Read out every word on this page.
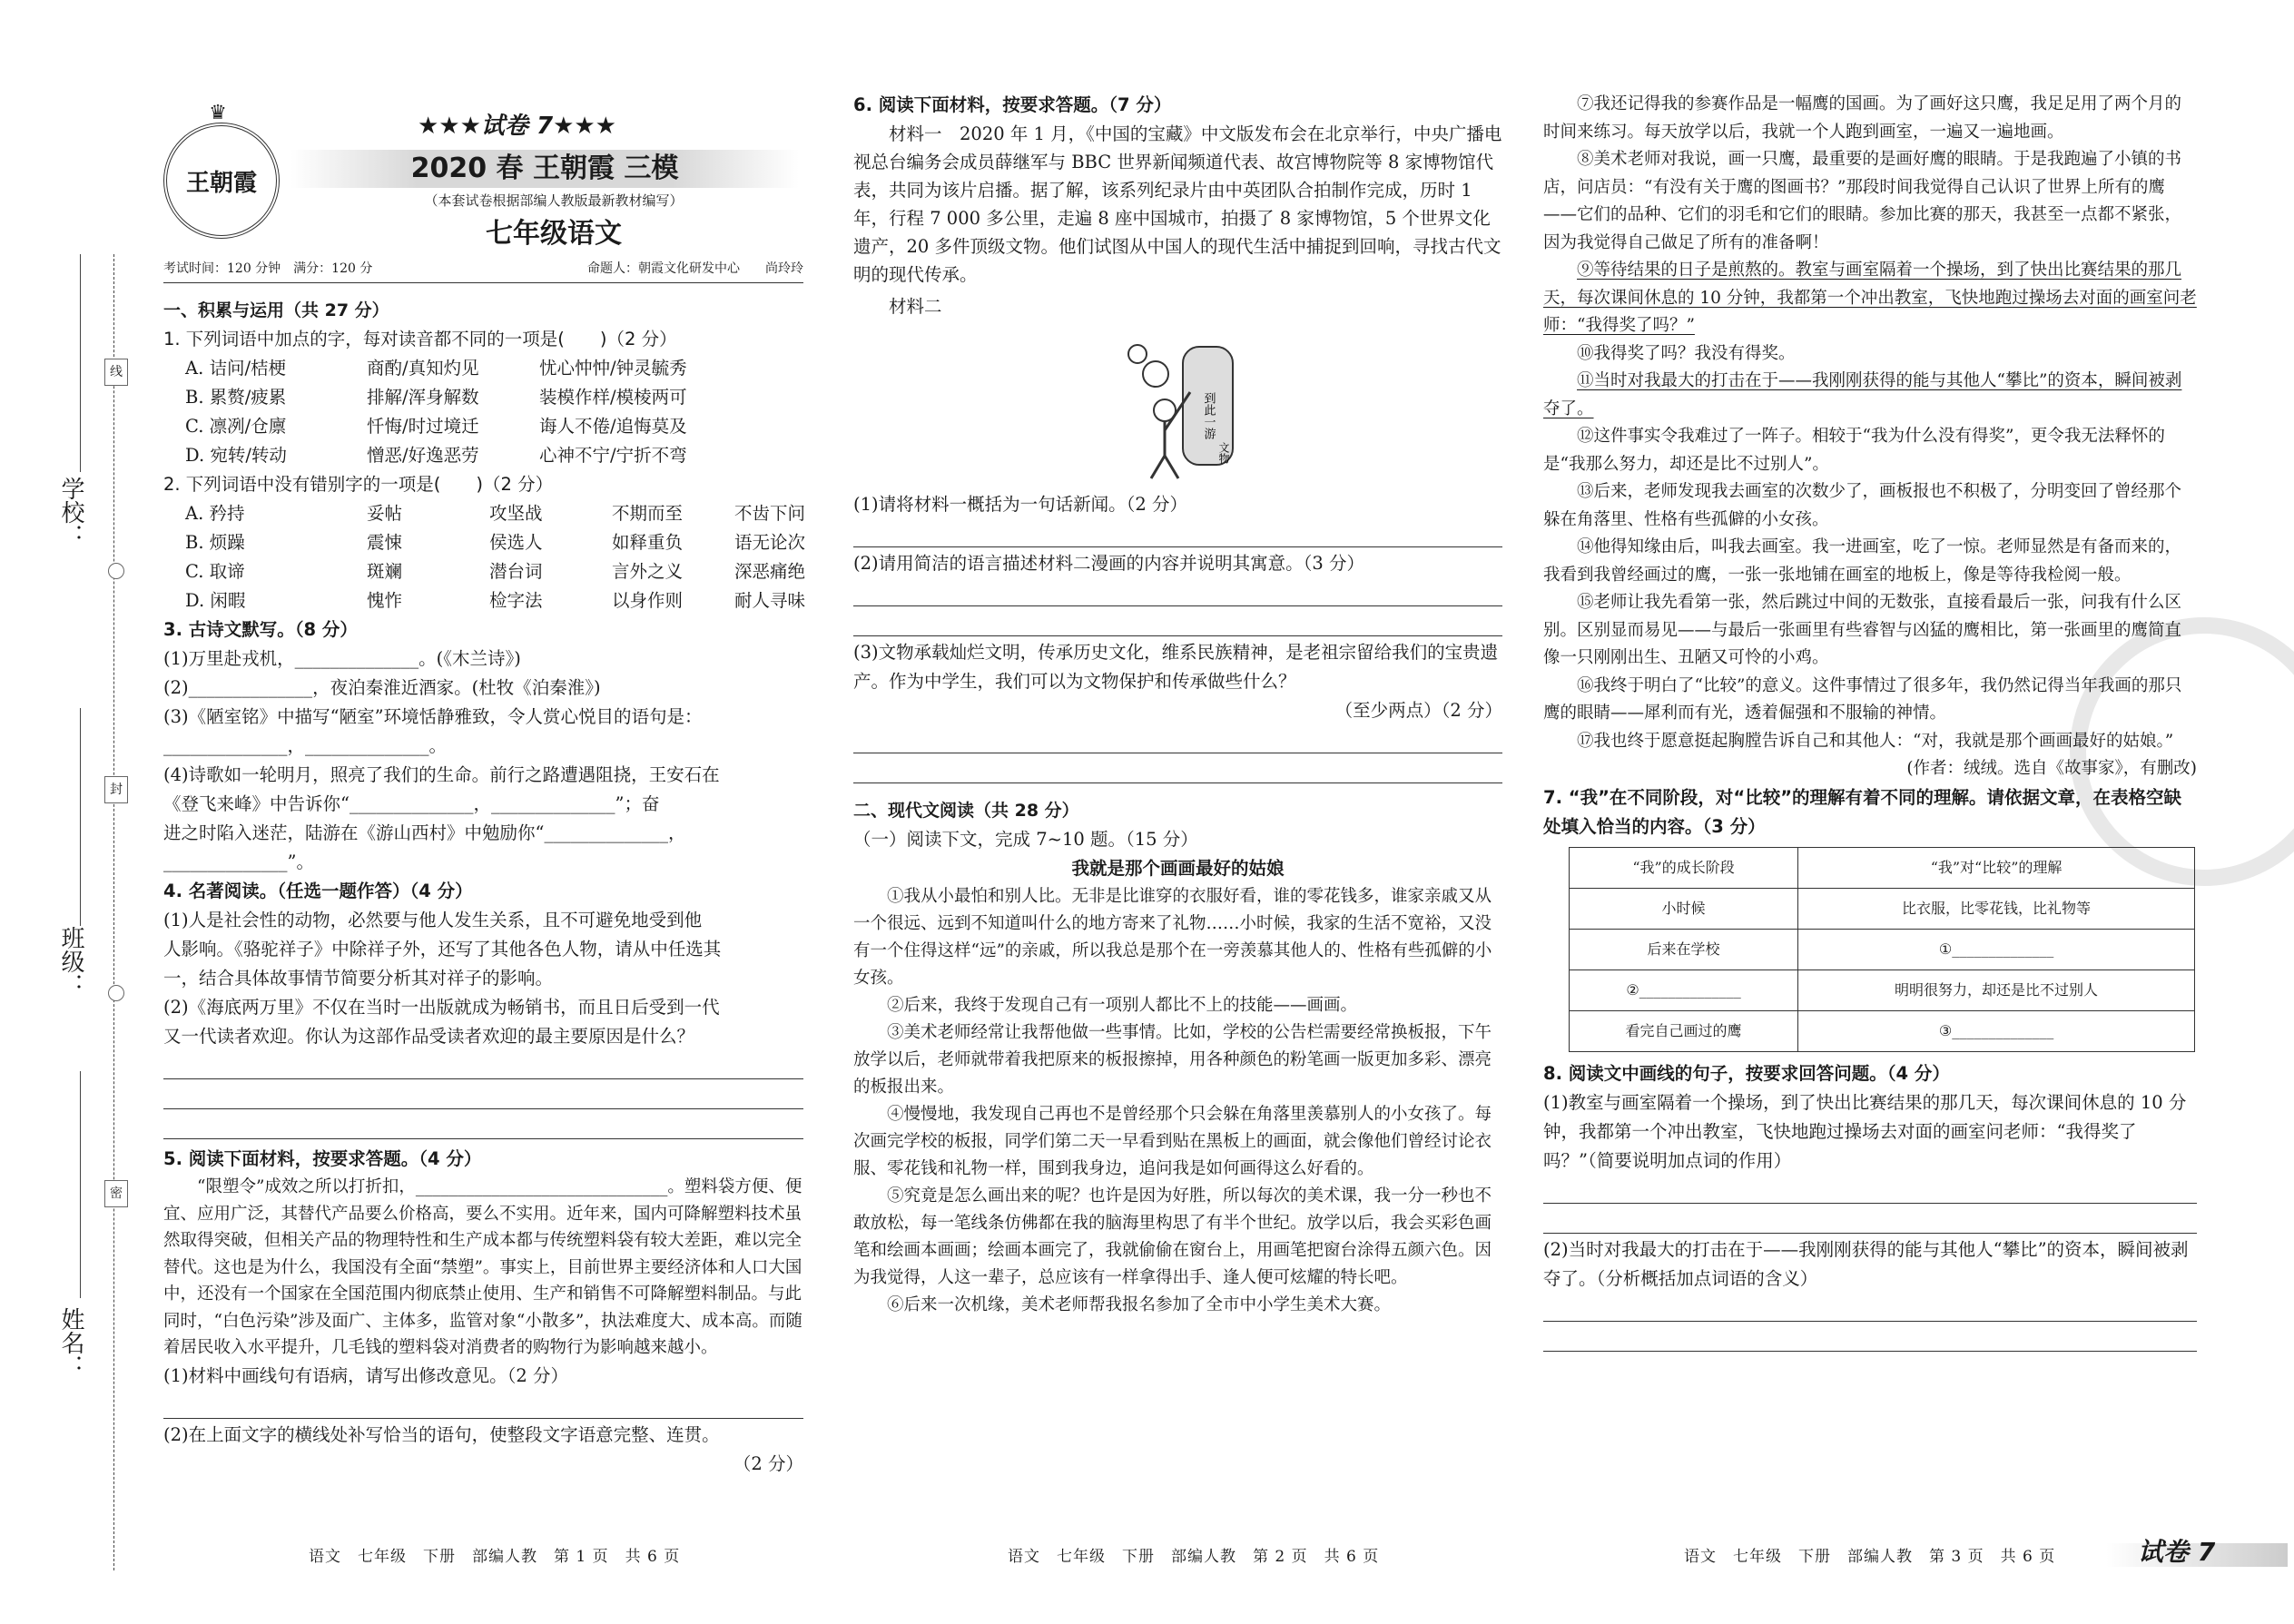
学校：
班级：
姓名：
线
封
密
♛
王朝霞
★★★试卷 7★★★
2020 春 王朝霞 三模
（本套试卷根据部编人教版最新教材编写）
七年级语文
考试时间：120 分钟　满分：120 分	命题人：朝霞文化研发中心　　尚玲玲

一、积累与运用（共 27 分）

1. 下列词语中加点的字，每对读音都不同的一项是(　　)（2 分）

A. 诘问/桔梗	商酌/真知灼见	忧心忡忡/钟灵毓秀
B. 累赘/疲累	排解/浑身解数	装模作样/模棱两可
C. 凛冽/仓廪	忏悔/时过境迁	诲人不倦/追悔莫及
D. 宛转/转动	憎恶/好逸恶劳	心神不宁/宁折不弯

2. 下列词语中没有错别字的一项是(　　)（2 分）

A. 矜持	妥帖	攻坚战	不期而至	不齿下问
B. 烦躁	震悚	侯选人	如释重负	语无论次
C. 取谛	斑斓	潜台词	言外之义	深恶痛绝
D. 闲暇	愧怍	检字法	以身作则	耐人寻味

3. 古诗文默写。（8 分）

(1)万里赴戎机，______________。(《木兰诗》)

(2)______________，夜泊秦淮近酒家。(杜牧《泊秦淮》)

(3)《陋室铭》中描写“陋室”环境恬静雅致，令人赏心悦目的语句是：

______________，______________。

(4)诗歌如一轮明月，照亮了我们的生命。前行之路遭遇阻挠，王安石在

《登飞来峰》中告诉你“______________，______________”；奋

进之时陷入迷茫，陆游在《游山西村》中勉励你“______________，

______________”。

4. 名著阅读。（任选一题作答）（4 分）

(1)人是社会性的动物，必然要与他人发生关系，且不可避免地受到他

人影响。《骆驼祥子》中除祥子外，还写了其他各色人物，请从中任选其

一，结合具体故事情节简要分析其对祥子的影响。

(2)《海底两万里》不仅在当时一出版就成为畅销书，而且日后受到一代

又一代读者欢迎。你认为这部作品受读者欢迎的最主要原因是什么？

5. 阅读下面材料，按要求答题。（4 分）

“限塑令”成效之所以打折扣，______________________________。塑料袋方便、便宜、应用广泛，其替代产品要么价格高，要么不实用。近年来，国内可降解塑料技术虽然取得突破，但相关产品的物理特性和生产成本都与传统塑料袋有较大差距，难以完全替代。这也是为什么，我国没有全面“禁塑”。事实上，目前世界主要经济体和人口大国中，还没有一个国家在全国范围内彻底禁止使用、生产和销售不可降解塑料制品。与此同时，“白色污染”涉及面广、主体多，监管对象“小散多”，执法难度大、成本高。而随着居民收入水平提升，几毛钱的塑料袋对消费者的购物行为影响越来越小。

(1)材料中画线句有语病，请写出修改意见。（2 分）

(2)在上面文字的横线处补写恰当的语句，使整段文字语意完整、连贯。

（2 分）

6. 阅读下面材料，按要求答题。（7 分）

材料一　2020 年 1 月，《中国的宝藏》中文版发布会在北京举行，中央广播电视总台编务会成员薛继军与 BBC 世界新闻频道代表、故宫博物院等 8 家博物馆代表，共同为该片启播。据了解，该系列纪录片由中英团队合拍制作完成，历时 1 年，行程 7 000 多公里，走遍 8 座中国城市，拍摄了 8 家博物馆，5 个世界文化遗产，20 多件顶级文物。他们试图从中国人的现代生活中捕捉到回响，寻找古代文明的现代传承。

材料二

到此一游
文物

(1)请将材料一概括为一句话新闻。（2 分）

(2)请用简洁的语言描述材料二漫画的内容并说明其寓意。（3 分）

(3)文物承载灿烂文明，传承历史文化，维系民族精神，是老祖宗留给我们的宝贵遗产。作为中学生，我们可以为文物保护和传承做些什么？

（至少两点）（2 分）

二、现代文阅读（共 28 分）

（一）阅读下文，完成 7~10 题。（15 分）

我就是那个画画最好的姑娘

①我从小最怕和别人比。无非是比谁穿的衣服好看，谁的零花钱多，谁家亲戚又从一个很远、远到不知道叫什么的地方寄来了礼物……小时候，我家的生活不宽裕，又没有一个住得这样“远”的亲戚，所以我总是那个在一旁羡慕其他人的、性格有些孤僻的小女孩。

②后来，我终于发现自己有一项别人都比不上的技能——画画。

③美术老师经常让我帮他做一些事情。比如，学校的公告栏需要经常换板报，下午放学以后，老师就带着我把原来的板报擦掉，用各种颜色的粉笔画一版更加多彩、漂亮的板报出来。

④慢慢地，我发现自己再也不是曾经那个只会躲在角落里羡慕别人的小女孩了。每次画完学校的板报，同学们第二天一早看到贴在黑板上的画面，就会像他们曾经讨论衣服、零花钱和礼物一样，围到我身边，追问我是如何画得这么好看的。

⑤究竟是怎么画出来的呢？也许是因为好胜，所以每次的美术课，我一分一秒也不敢放松，每一笔线条仿佛都在我的脑海里构思了有半个世纪。放学以后，我会买彩色画笔和绘画本画画；绘画本画完了，我就偷偷在窗台上，用画笔把窗台涂得五颜六色。因为我觉得，人这一辈子，总应该有一样拿得出手、逢人便可炫耀的特长吧。

⑥后来一次机缘，美术老师帮我报名参加了全市中小学生美术大赛。

⑦我还记得我的参赛作品是一幅鹰的国画。为了画好这只鹰，我足足用了两个月的时间来练习。每天放学以后，我就一个人跑到画室，一遍又一遍地画。

⑧美术老师对我说，画一只鹰，最重要的是画好鹰的眼睛。于是我跑遍了小镇的书店，问店员：“有没有关于鹰的图画书？”那段时间我觉得自己认识了世界上所有的鹰——它们的品种、它们的羽毛和它们的眼睛。参加比赛的那天，我甚至一点都不紧张，因为我觉得自己做足了所有的准备啊！

⑨等待结果的日子是煎熬的。教室与画室隔着一个操场，到了快出比赛结果的那几天，每次课间休息的 10 分钟，我都第一个冲出教室，飞快地跑过操场去对面的画室问老师：“我得奖了吗？”

⑩我得奖了吗？我没有得奖。

⑪当时对我最大的打击在于——我刚刚获得的能与其他人“攀比”的资本，瞬间被剥夺了。

⑫这件事实令我难过了一阵子。相较于“我为什么没有得奖”，更令我无法释怀的是“我那么努力，却还是比不过别人”。

⑬后来，老师发现我去画室的次数少了，画板报也不积极了，分明变回了曾经那个躲在角落里、性格有些孤僻的小女孩。

⑭他得知缘由后，叫我去画室。我一进画室，吃了一惊。老师显然是有备而来的，我看到我曾经画过的鹰，一张一张地铺在画室的地板上，像是等待我检阅一般。

⑮老师让我先看第一张，然后跳过中间的无数张，直接看最后一张，问我有什么区别。区别显而易见——与最后一张画里有些睿智与凶猛的鹰相比，第一张画里的鹰简直像一只刚刚出生、丑陋又可怜的小鸡。

⑯我终于明白了“比较”的意义。这件事情过了很多年，我仍然记得当年我画的那只鹰的眼睛——犀利而有光，透着倔强和不服输的神情。

⑰我也终于愿意挺起胸膛告诉自己和其他人：“对，我就是那个画画最好的姑娘。”

(作者：绒绒。选自《故事家》，有删改)

7. “我”在不同阶段，对“比较”的理解有着不同的理解。请依据文章，在表格空缺处填入恰当的内容。（3 分）

“我”的成长阶段	“我”对“比较”的理解
小时候	比衣服，比零花钱，比礼物等
后来在学校	①______________
②______________	明明很努力，却还是比不过别人
看完自己画过的鹰	③______________

8. 阅读文中画线的句子，按要求回答问题。（4 分）

(1)教室与画室隔着一个操场，到了快出比赛结果的那几天，每次课间休息的 10 分钟，我都第一个冲出教室，飞快地跑过操场去对面的画室问老师：“我得奖了吗？”（简要说明加点词的作用）

(2)当时对我最大的打击在于——我刚刚获得的能与其他人“攀比”的资本，瞬间被剥夺了。（分析概括加点词语的含义）

语文　七年级　下册　部编人教　第 1 页　共 6 页	语文　七年级　下册　部编人教　第 2 页　共 6 页	语文　七年级　下册　部编人教　第 3 页　共 6 页	试卷 7
